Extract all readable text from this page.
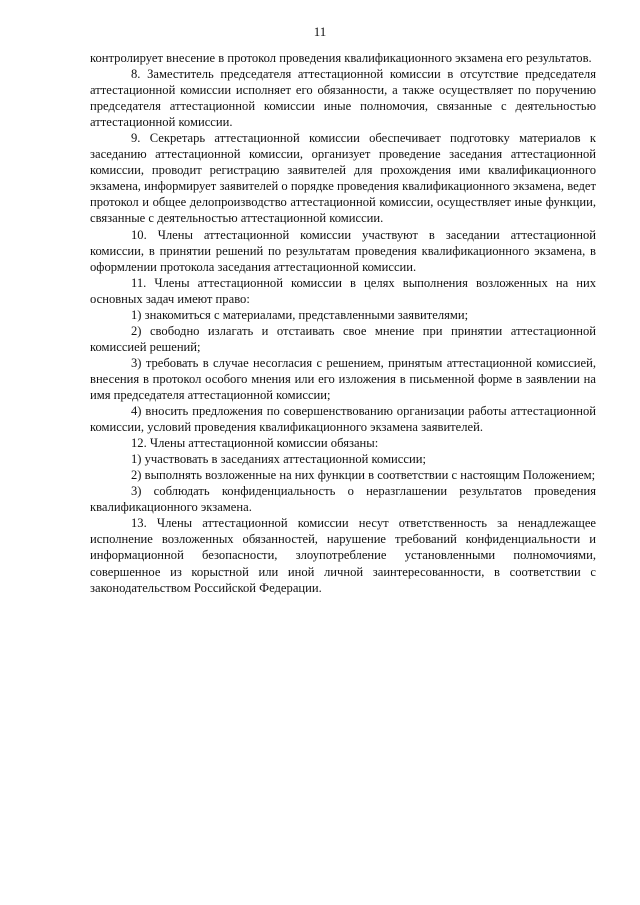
11

контролирует внесение в протокол проведения квалификационного экзамена его результатов.

8. Заместитель председателя аттестационной комиссии в отсутствие председателя аттестационной комиссии исполняет его обязанности, а также осуществляет по поручению председателя аттестационной комиссии иные полномочия, связанные с деятельностью аттестационной комиссии.

9. Секретарь аттестационной комиссии обеспечивает подготовку материалов к заседанию аттестационной комиссии, организует проведение заседания аттестационной комиссии, проводит регистрацию заявителей для прохождения ими квалификационного экзамена, информирует заявителей о порядке проведения квалификационного экзамена, ведет протокол и общее делопроизводство аттестационной комиссии, осуществляет иные функции, связанные с деятельностью аттестационной комиссии.

10. Члены аттестационной комиссии участвуют в заседании аттестационной комиссии, в принятии решений по результатам проведения квалификационного экзамена, в оформлении протокола заседания аттестационной комиссии.

11. Члены аттестационной комиссии в целях выполнения возложенных на них основных задач имеют право:

1) знакомиться с материалами, представленными заявителями;

2) свободно излагать и отстаивать свое мнение при принятии аттестационной комиссией решений;

3) требовать в случае несогласия с решением, принятым аттестационной комиссией, внесения в протокол особого мнения или его изложения в письменной форме в заявлении на имя председателя аттестационной комиссии;

4) вносить предложения по совершенствованию организации работы аттестационной комиссии, условий проведения квалификационного экзамена заявителей.

12. Члены аттестационной комиссии обязаны:

1) участвовать в заседаниях аттестационной комиссии;

2) выполнять возложенные на них функции в соответствии с настоящим Положением;

3) соблюдать конфиденциальность о неразглашении результатов проведения квалификационного экзамена.

13. Члены аттестационной комиссии несут ответственность за ненадлежащее исполнение возложенных обязанностей, нарушение требований конфиденциальности и информационной безопасности, злоупотребление установленными полномочиями, совершенное из корыстной или иной личной заинтересованности, в соответствии с законодательством Российской Федерации.
